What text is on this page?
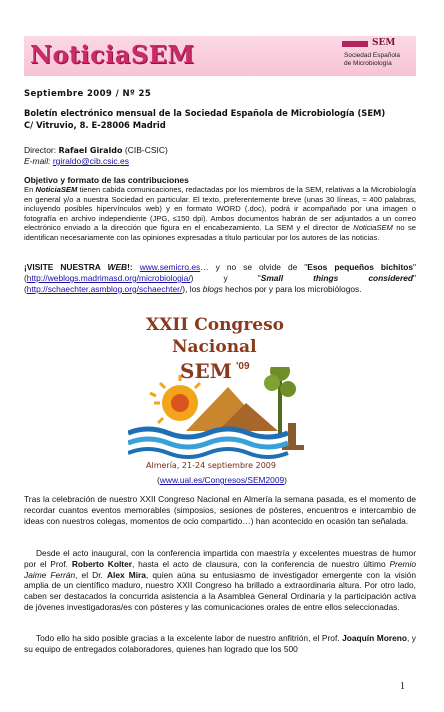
NoticiaSEM	SEM
Sociedad Española
de Microbiología
Septiembre 2009 / Nº 25
Boletín electrónico mensual de la Sociedad Española de Microbiología (SEM)
C/ Vitruvio, 8. E-28006 Madrid
Director: Rafael Giraldo (CIB-CSIC)
E-mail: rgiraldo@cib.csic.es
Objetivo y formato de las contribuciones
En NoticiaSEM tienen cabida comunicaciones, redactadas por los miembros de la SEM, relativas a la Microbiología en general y/o a nuestra Sociedad en particular. El texto, preferentemente breve (unas 30 líneas, ≈ 400 palabras, incluyendo posibles hipervínculos web) y en formato WORD (.doc), podrá ir acompañado por una imagen o fotografía en archivo independiente (JPG, ≤150 dpi). Ambos documentos habrán de ser adjuntados a un correo electrónico enviado a la dirección que figura en el encabezamiento. La SEM y el director de NoticiaSEM no se identifican necesariamente con las opiniones expresadas a título particular por los autores de las noticias.
¡VISITE NUESTRA WEB!: www.semicro.es… y no se olvide de "Esos pequeños bichitos" (http://weblogs.madrimasd.org/microbiologia/) y "Small things considered" (http://schaechter.asmblog.org/schaechter/), los blogs hechos por y para los microbiólogos.
XXII Congreso
Nacional
SEM '09
Almería, 21-24 septiembre 2009
(www.ual.es/Congresos/SEM2009)
Tras la celebración de nuestro XXII Congreso Nacional en Almería la semana pasada, es el momento de recordar cuantos eventos memorables (simposios, sesiones de pósteres, encuentros e intercambio de ideas con nuestros colegas, momentos de ocio compartido…) han acontecido en ocasión tan señalada.
Desde el acto inaugural, con la conferencia impartida con maestría y excelentes muestras de humor por el Prof. Roberto Kolter, hasta el acto de clausura, con la conferencia de nuestro último Premio Jaime Ferrán, el Dr. Alex Mira, quien aúna su entusiasmo de investigador emergente con la visión amplia de un científico maduro, nuestro XXII Congreso ha brillado a extraordinaria altura. Por otro lado, caben ser destacados la concurrida asistencia a la Asamblea General Ordinaria y la participación activa de jóvenes investigadoras/es con pósteres y las comunicaciones orales de entre ellos seleccionadas.
Todo ello ha sido posible gracias a la excelente labor de nuestro anfitrión, el Prof. Joaquín Moreno, y su equipo de entregados colaboradores, quienes han logrado que los 500
1
